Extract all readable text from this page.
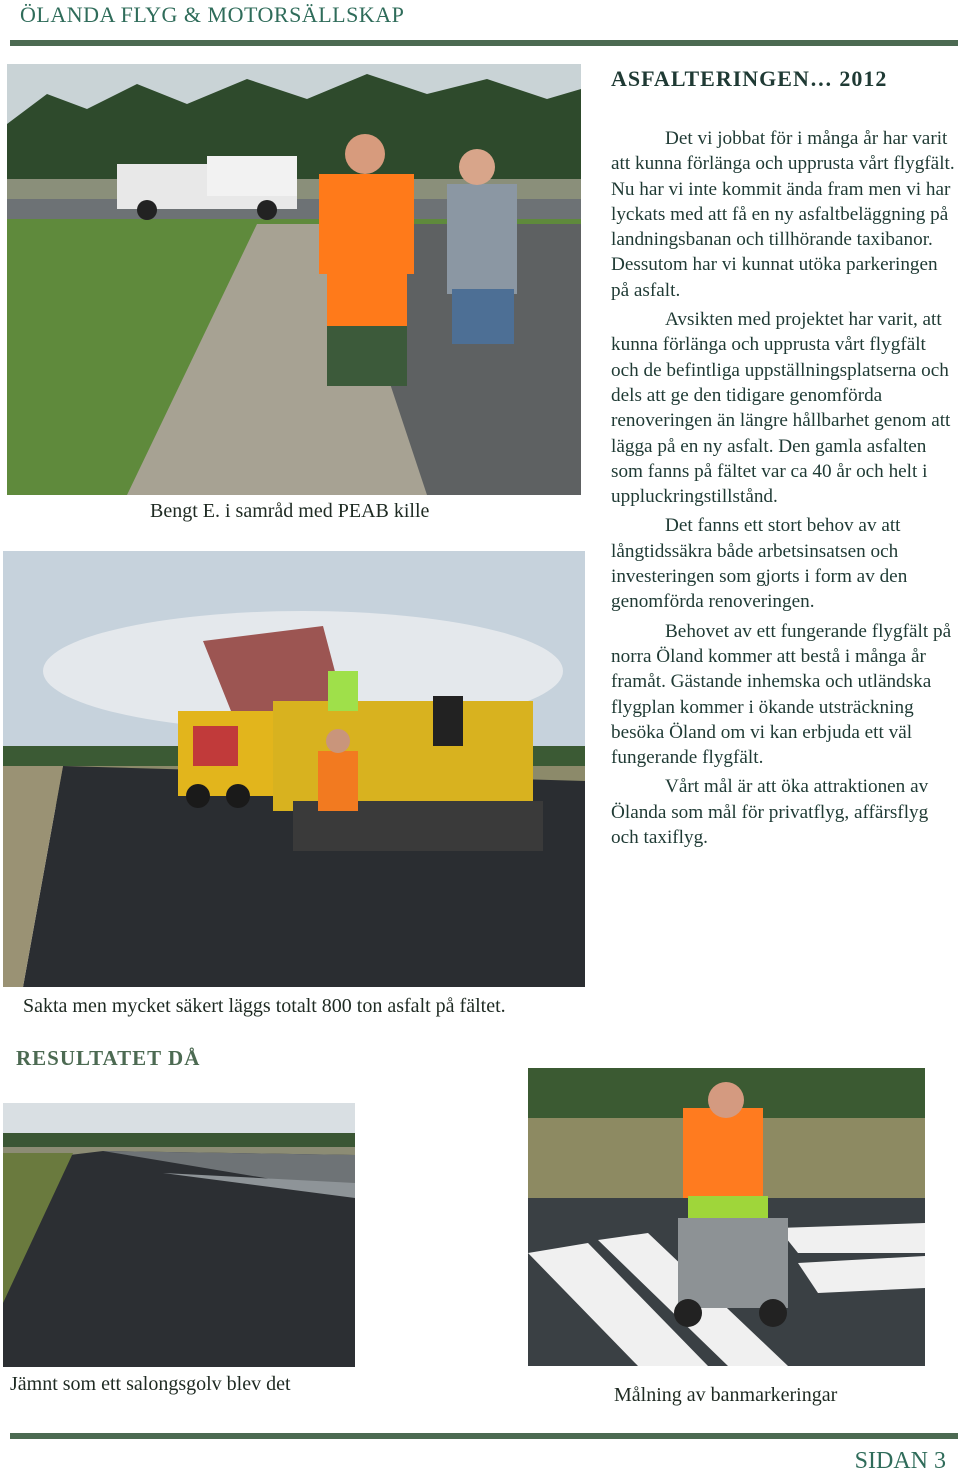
ÖLANDA FLYG & MOTORSÄLLSKAP
Bengt E. i samråd med PEAB kille
ASFALTERINGEN… 2012

Det vi jobbat för i många år har varit att kunna förlänga och upprusta vårt flygfält. Nu har vi inte kommit ända fram men vi har lyckats med att få en ny asfaltbeläggning på landningsbanan och tillhörande taxibanor. Dessutom har vi kunnat utöka parkeringen på asfalt.

Avsikten med projektet har varit, att kunna förlänga och upprusta vårt flygfält och de befintliga uppställningsplatserna och dels att ge den tidigare genomförda renoveringen än längre hållbarhet genom att lägga på en ny asfalt. Den gamla asfalten som fanns på fältet var ca 40 år och helt i uppluckringstillstånd.

Det fanns ett stort behov av att långtidssäkra både arbetsinsatsen och investeringen som gjorts i form av den genomförda renoveringen.

Behovet av ett fungerande flygfält på norra Öland kommer att bestå i många år framåt. Gästande inhemska och utländska flygplan kommer i ökande utsträckning besöka Öland om vi kan erbjuda ett väl fungerande flygfält.

Vårt mål är att öka attraktionen av Ölanda som mål för privatflyg, affärsflyg och taxiflyg.

Sakta men mycket säkert läggs totalt 800 ton asfalt på fältet.
RESULTATET DÅ
Jämnt som ett salongsgolv blev det	Målning av banmarkeringar
SIDAN 3
